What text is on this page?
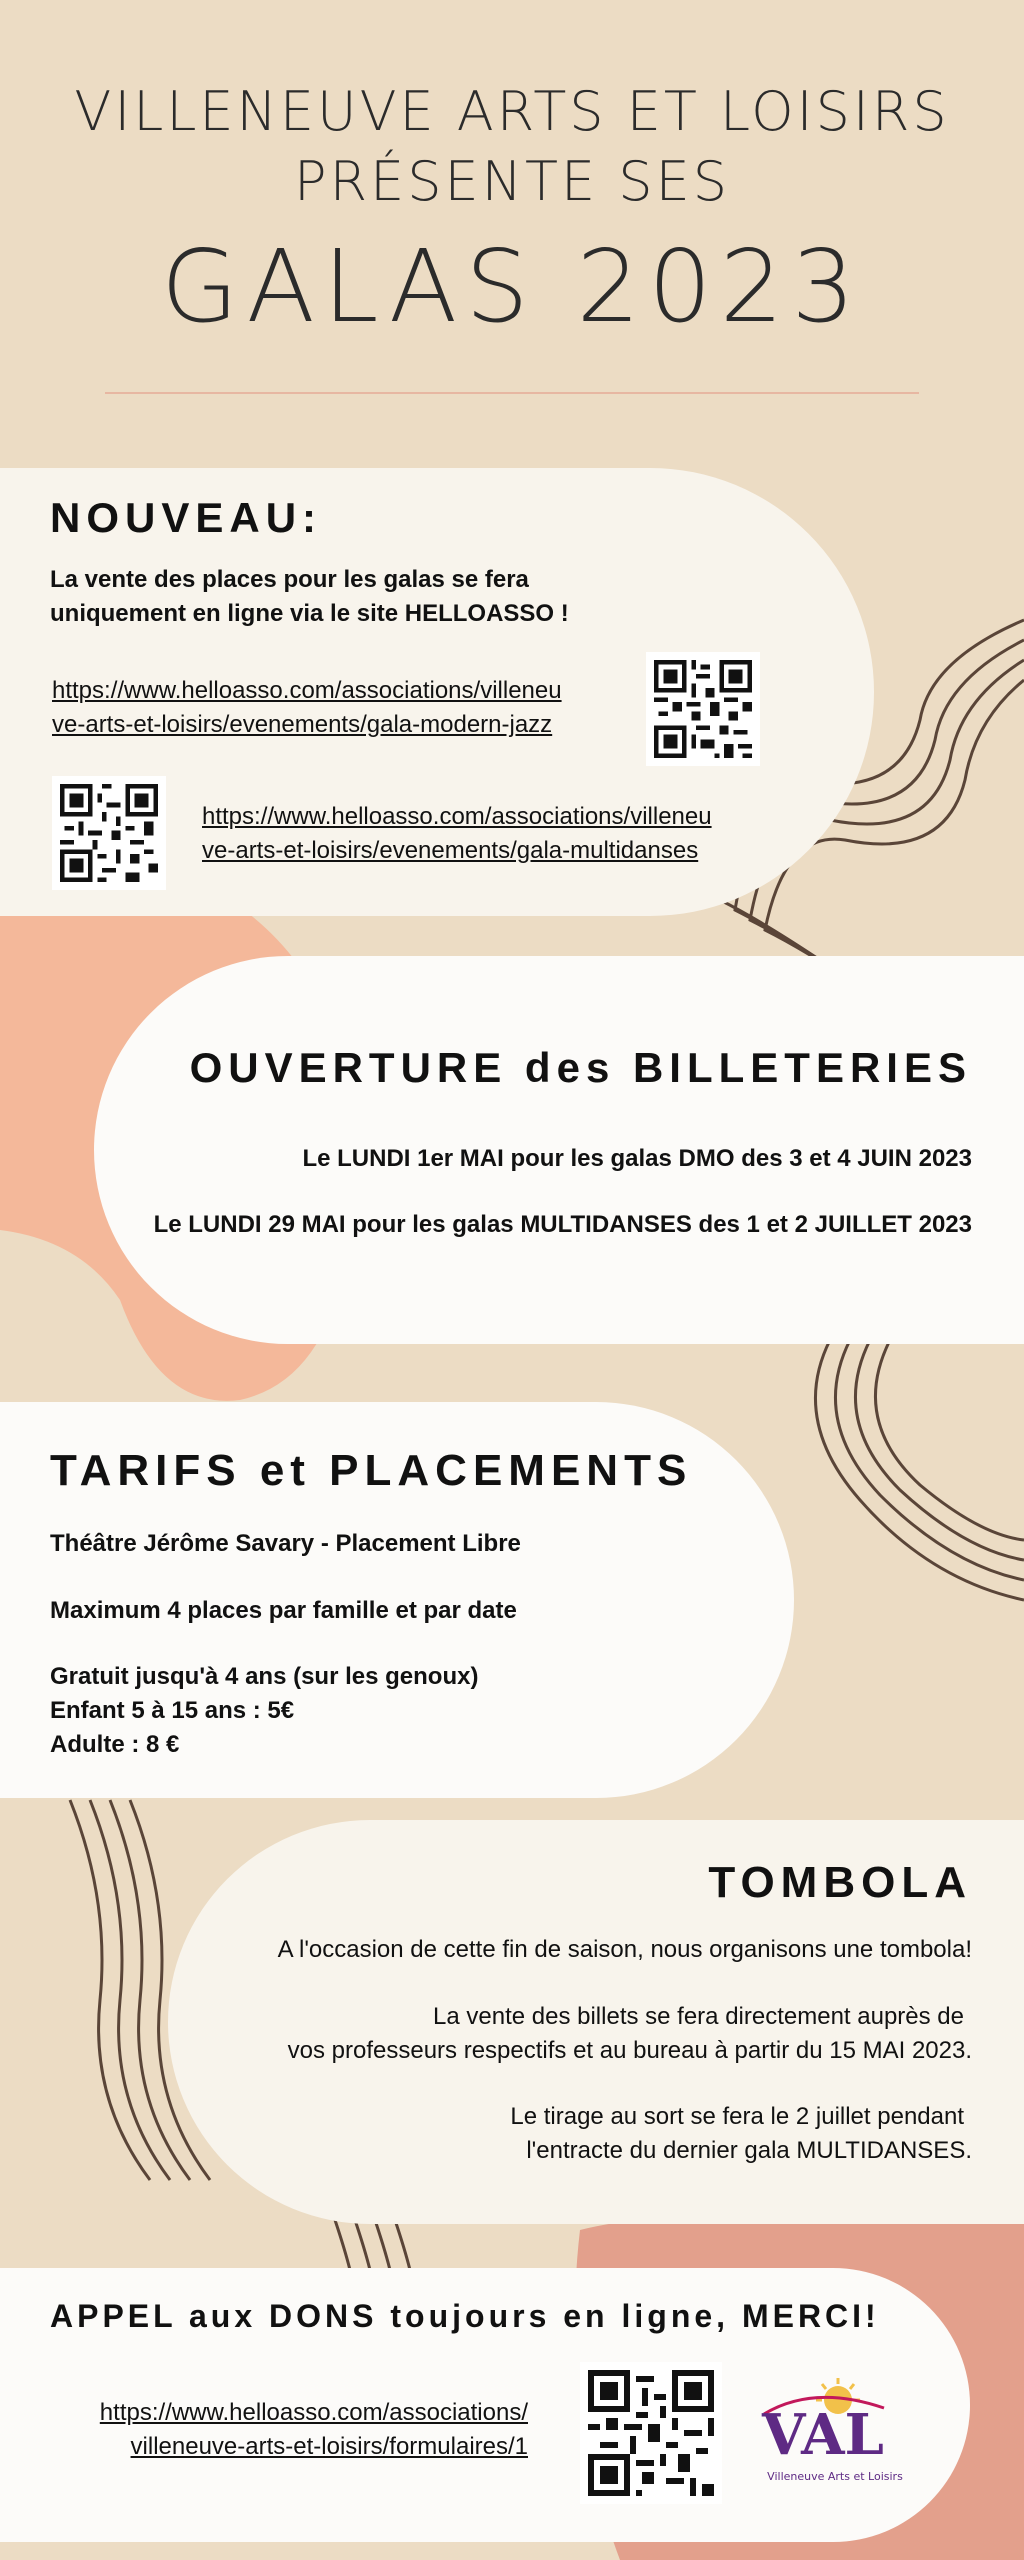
VILLENEUVE ARTS ET LOISIRS
PRÉSENTE SES
GALAS 2023
NOUVEAU:
La vente des places pour les galas se fera
uniquement en ligne via le site HELLOASSO !
https://www.helloasso.com/associations/villeneu
ve-arts-et-loisirs/evenements/gala-modern-jazz
https://www.helloasso.com/associations/villeneu
ve-arts-et-loisirs/evenements/gala-multidanses
OUVERTURE des BILLETERIES
Le LUNDI 1er MAI pour les galas DMO des 3 et 4 JUIN 2023
Le LUNDI 29 MAI pour les galas MULTIDANSES des 1 et 2 JUILLET 2023
TARIFS et PLACEMENTS
Théâtre Jérôme Savary - Placement Libre
Maximum 4 places par famille et par date
Gratuit jusqu'à 4 ans (sur les genoux)
Enfant 5 à 15 ans : 5€
Adulte : 8 €
TOMBOLA
A l'occasion de cette fin de saison, nous organisons une tombola!
La vente des billets se fera directement auprès de
vos professeurs respectifs et au bureau à partir du 15 MAI 2023.
Le tirage au sort se fera le 2 juillet pendant
l'entracte du dernier gala MULTIDANSES.
APPEL aux DONS toujours en ligne, MERCI!
https://www.helloasso.com/associations/
villeneuve-arts-et-loisirs/formulaires/1	VAL
Villeneuve Arts et Loisirs
